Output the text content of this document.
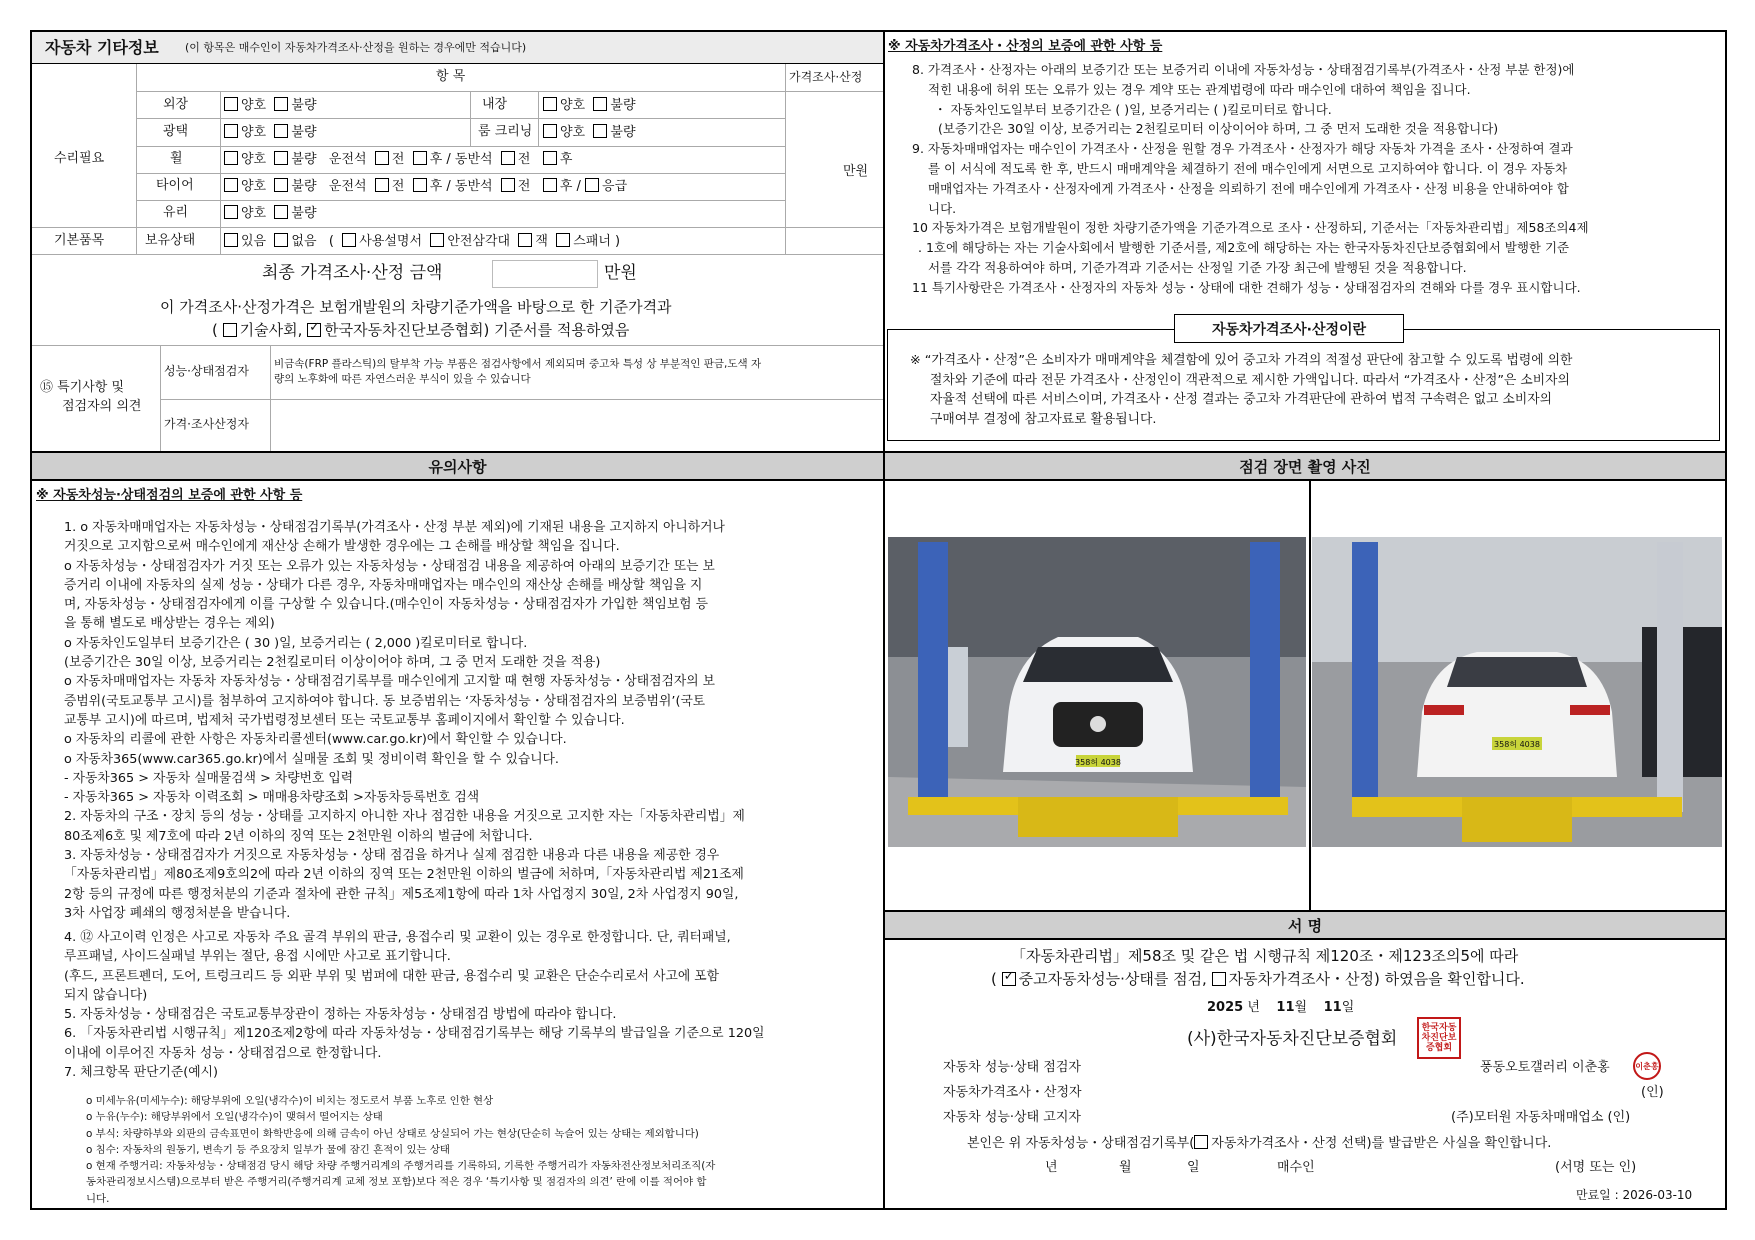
유의사항	점검 장면 촬영 사진
서 명
자동차 기타정보 (이 항목은 매수인이 자동차가격조사·산정을 원하는 경우에만 적습니다)
항 목	가격조사·산정
수리필요
기본품목
만원
외장	양호 불량	내장	양호 불량
광택	양호 불량	룸 크리닝	양호 불량
휠	양호 불량 운전석 전 후 / 동반석 전 후
타이어	양호 불량 운전석 전 후 / 동반석 전 후 / 응급
유리	양호 불량
보유상태	있음 없음   (  사용설명서 안전삼각대 잭 스패너 )
최종 가격조사·산정 금액	만원
이 가격조사·산정가격은 보험개발원의 차량기준가액을 바탕으로 한 기준가격과
( 기술사회, ✓ 한국자동차진단보증협회) 기준서를 적용하였음
⑮ 특기사항 및
점검자의 의견
성능·상태점검자 비금속(FRP 플라스틱)의 탈부착 가능 부품은 점검사항에서 제외되며 중고차 특성 상 부분적인 판금,도색 자
량의 노후화에 따른 자연스러운 부식이 있을 수 있습니다
가격·조사산정자
※ 자동차가격조사・산정의 보증에 관한 사항 등
8. 가격조사・산정자는 아래의 보증기간 또는 보증거리 이내에 자동차성능・상태점검기록부(가격조사・산정 부분 한정)에
적힌 내용에 허위 또는 오류가 있는 경우 계약 또는 관계법령에 따라 매수인에 대하여 책임을 집니다.
・ 자동차인도일부터 보증기간은 ( )일, 보증거리는 ( )킬로미터로 합니다.
(보증기간은 30일 이상, 보증거리는 2천킬로미터 이상이어야 하며, 그 중 먼저 도래한 것을 적용합니다)
9. 자동차매매업자는 매수인이 가격조사・산정을 원할 경우 가격조사・산정자가 해당 자동차 가격을 조사・산정하여 결과
를 이 서식에 적도록 한 후, 반드시 매매계약을 체결하기 전에 매수인에게 서면으로 고지하여야 합니다. 이 경우 자동차
매매업자는 가격조사・산정자에게 가격조사・산정을 의뢰하기 전에 매수인에게 가격조사・산정 비용을 안내하여야 합
니다.
10 자동차가격은 보험개발원이 정한 차량기준가액을 기준가격으로 조사・산정하되, 기준서는「자동차관리법」제58조의4제
. 1호에 해당하는 자는 기술사회에서 발행한 기준서를, 제2호에 해당하는 자는 한국자동차진단보증협회에서 발행한 기준
서를 각각 적용하여야 하며, 기준가격과 기준서는 산정일 기준 가장 최근에 발행된 것을 적용합니다.
11 특기사항란은 가격조사・산정자의 자동차 성능・상태에 대한 견해가 성능・상태점검자의 견해와 다를 경우 표시합니다.
자동차가격조사·산정이란
※ “가격조사・산정”은 소비자가 매매계약을 체결함에 있어 중고차 가격의 적절성 판단에 참고할 수 있도록 법령에 의한
절차와 기준에 따라 전문 가격조사・산정인이 객관적으로 제시한 가액입니다. 따라서 “가격조사・산정”은 소비자의
자율적 선택에 따른 서비스이며, 가격조사・산정 결과는 중고차 가격판단에 관하여 법적 구속력은 없고 소비자의
구매여부 결정에 참고자료로 활용됩니다.
※ 자동차성능·상태점검의 보증에 관한 사항 등
1. ο 자동차매매업자는 자동차성능・상태점검기록부(가격조사・산정 부분 제외)에 기재된 내용을 고지하지 아니하거나
거짓으로 고지함으로써 매수인에게 재산상 손해가 발생한 경우에는 그 손해를 배상할 책임을 집니다.
ο 자동차성능・상태점검자가 거짓 또는 오류가 있는 자동차성능・상태점검 내용을 제공하여 아래의 보증기간 또는 보
증거리 이내에 자동차의 실제 성능・상태가 다른 경우, 자동차매매업자는 매수인의 재산상 손해를 배상할 책임을 지
며, 자동차성능・상태점검자에게 이를 구상할 수 있습니다.(매수인이 자동차성능・상태점검자가 가입한 책임보험 등
을 통해 별도로 배상받는 경우는 제외)
ο 자동차인도일부터 보증기간은 ( 30 )일, 보증거리는 ( 2,000 )킬로미터로 합니다.
(보증기간은 30일 이상, 보증거리는 2천킬로미터 이상이어야 하며, 그 중 먼저 도래한 것을 적용)
ο 자동차매매업자는 자동차 자동차성능・상태점검기록부를 매수인에게 고지할 때 현행 자동차성능・상태점검자의 보
증범위(국토교통부 고시)를 첨부하여 고지하여야 합니다. 동 보증범위는 ‘자동차성능・상태점검자의 보증범위’(국토
교통부 고시)에 따르며, 법제처 국가법령정보센터 또는 국토교통부 홈페이지에서 확인할 수 있습니다.
ο 자동차의 리콜에 관한 사항은 자동차리콜센터(www.car.go.kr)에서 확인할 수 있습니다.
ο 자동차365(www.car365.go.kr)에서 실매물 조회 및 정비이력 확인을 할 수 있습니다.
- 자동차365 > 자동차 실매물검색 > 차량번호 입력
- 자동차365 > 자동차 이력조회 > 매매용차량조회 >자동차등록번호 검색
2. 자동차의 구조・장치 등의 성능・상태를 고지하지 아니한 자나 점검한 내용을 거짓으로 고지한 자는「자동차관리법」제
80조제6호 및 제7호에 따라 2년 이하의 징역 또는 2천만원 이하의 벌금에 처합니다.
3. 자동차성능・상태점검자가 거짓으로 자동차성능・상태 점검을 하거나 실제 점검한 내용과 다른 내용을 제공한 경우
「자동차관리법」제80조제9호의2에 따라 2년 이하의 징역 또는 2천만원 이하의 벌금에 처하며,「자동차관리법 제21조제
2항 등의 규정에 따른 행정처분의 기준과 절차에 관한 규칙」제5조제1항에 따라 1차 사업정지 30일, 2차 사업정지 90일,
3차 사업장 폐쇄의 행정처분을 받습니다.
4. ⑫ 사고이력 인정은 사고로 자동차 주요 골격 부위의 판금, 용접수리 및 교환이 있는 경우로 한정합니다. 단, 쿼터패널,
루프패널, 사이드실패널 부위는 절단, 용접 시에만 사고로 표기합니다.
(후드, 프론트펜더, 도어, 트렁크리드 등 외판 부위 및 범퍼에 대한 판금, 용접수리 및 교환은 단순수리로서 사고에 포함
되지 않습니다)
5. 자동차성능・상태점검은 국토교통부장관이 정하는 자동차성능・상태점검 방법에 따라야 합니다.
6. 「자동차관리법 시행규칙」제120조제2항에 따라 자동차성능・상태점검기록부는 해당 기록부의 발급일을 기준으로 120일
이내에 이루어진 자동차 성능・상태점검으로 한정합니다.
7. 체크항목 판단기준(예시)
ο 미세누유(미세누수): 해당부위에 오일(냉각수)이 비치는 정도로서 부품 노후로 인한 현상
ο 누유(누수): 해당부위에서 오일(냉각수)이 맺혀서 떨어지는 상태
ο 부식: 차량하부와 외판의 금속표면이 화학반응에 의해 금속이 아닌 상태로 상실되어 가는 현상(단순히 녹슬어 있는 상태는 제외합니다)
ο 침수: 자동차의 원동기, 변속기 등 주요장치 일부가 물에 잠긴 흔적이 있는 상태
ο 현재 주행거리: 자동차성능・상태점검 당시 해당 차량 주행거리계의 주행거리를 기록하되, 기록한 주행거리가 자동차전산정보처리조직(자
동차관리정보시스템)으로부터 받은 주행거리(주행거리계 교체 정보 포함)보다 적은 경우 ‘특기사항 및 점검자의 의견’ 란에 이를 적어야 합
니다.
358허 4038
358허 4038
「자동차관리법」제58조 및 같은 법 시행규칙 제120조・제123조의5에 따라
( ✓ 중고자동차성능·상태를 점검, 자동차가격조사・산정) 하였음을 확인합니다.
2025 년 11월 11일
(사)한국자동차진단보증협회
한국자동차진단보증협회
자동차 성능·상태 점검자	풍동오토갤러리 이춘홍	이춘홍
자동차가격조사・산정자	(인)
자동차 성능·상태 고지자	(주)모터원 자동차매매업소 (인)
본인은 위 자동차성능・상태점검기록부( 자동차가격조사・산정 선택)를 발급받은 사실을 확인합니다.
년	월	일	매수인	(서명 또는 인)
만료일 : 2026-03-10
